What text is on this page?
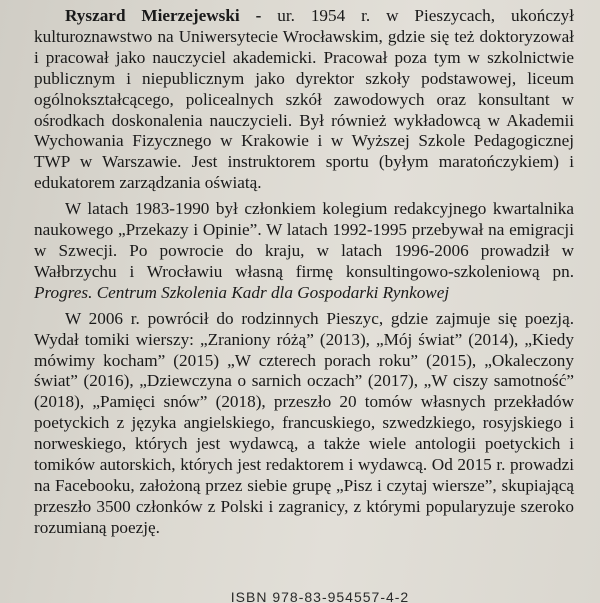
Ryszard Mierzejewski - ur. 1954 r. w Pieszycach, ukończył kulturoznawstwo na Uniwersytecie Wrocławskim, gdzie się też doktoryzował i pracował jako nauczyciel akademicki. Pracował poza tym w szkolnictwie publicznym i niepublicznym jako dyrektor szkoły podstawowej, liceum ogólnokształcącego, policealnych szkół zawodowych oraz konsultant w ośrodkach doskonalenia nauczycieli. Był również wykładowcą w Akademii Wychowania Fizycznego w Krakowie i w Wyższej Szkole Pedagogicznej TWP w Warszawie. Jest instruktorem sportu (byłym maratończykiem) i edukatorem zarządzania oświatą.

W latach 1983-1990 był członkiem kolegium redakcyjnego kwartalnika naukowego „Przekazy i Opinie”. W latach 1992-1995 przebywał na emigracji w Szwecji. Po powrocie do kraju, w latach 1996-2006 prowadził w Wałbrzychu i Wrocławiu własną firmę konsultingowo-szkoleniową pn. Progres. Centrum Szkolenia Kadr dla Gospodarki Rynkowej

W 2006 r. powrócił do rodzinnych Pieszyc, gdzie zajmuje się poezją. Wydał tomiki wierszy: „Zraniony różą” (2013), „Mój świat” (2014), „Kiedy mówimy kocham” (2015) „W czterech porach roku” (2015), „Okaleczony świat” (2016), „Dziewczyna o sarnich oczach” (2017), „W ciszy samotność” (2018), „Pamięci snów” (2018), przeszło 20 tomów własnych przekładów poetyckich z języka angielskiego, francuskiego, szwedzkiego, rosyjskiego i norweskiego, których jest wydawcą, a także wiele antologii poetyckich i tomików autorskich, których jest redaktorem i wydawcą. Od 2015 r. prowadzi na Facebooku, założoną przez siebie grupę „Pisz i czytaj wiersze”, skupiającą przeszło 3500 członków z Polski i zagranicy, z którymi popularyzuje szeroko rozumianą poezję.

ISBN 978-83-954557-4-2
